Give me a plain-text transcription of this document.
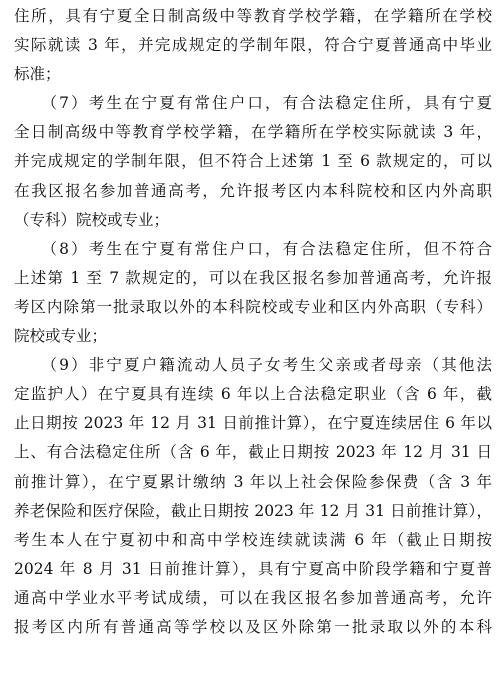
住所，具有宁夏全日制高级中等教育学校学籍，在学籍所在学校
实际就读 3 年，并完成规定的学制年限，符合宁夏普通高中毕业
标准；
　　（7）考生在宁夏有常住户口，有合法稳定住所，具有宁夏
全日制高级中等教育学校学籍，在学籍所在学校实际就读 3 年，
并完成规定的学制年限，但不符合上述第 1 至 6 款规定的，可以
在我区报名参加普通高考，允许报考区内本科院校和区内外高职
（专科）院校或专业；
　　（8）考生在宁夏有常住户口，有合法稳定住所，但不符合
上述第 1 至 7 款规定的，可以在我区报名参加普通高考，允许报
考区内除第一批录取以外的本科院校或专业和区内外高职（专科）
院校或专业；
　　（9）非宁夏户籍流动人员子女考生父亲或者母亲（其他法
定监护人）在宁夏具有连续 6 年以上合法稳定职业（含 6 年，截
止日期按 2023 年 12 月 31 日前推计算），在宁夏连续居住 6 年以
上、有合法稳定住所（含 6 年，截止日期按 2023 年 12 月 31 日
前推计算），在宁夏累计缴纳 3 年以上社会保险参保费（含 3 年
养老保险和医疗保险，截止日期按 2023 年 12 月 31 日前推计算），
考生本人在宁夏初中和高中学校连续就读满 6 年（截止日期按
2024 年 8 月 31 日前推计算），具有宁夏高中阶段学籍和宁夏普
通高中学业水平考试成绩，可以在我区报名参加普通高考，允许
报考区内所有普通高等学校以及区外除第一批录取以外的本科
